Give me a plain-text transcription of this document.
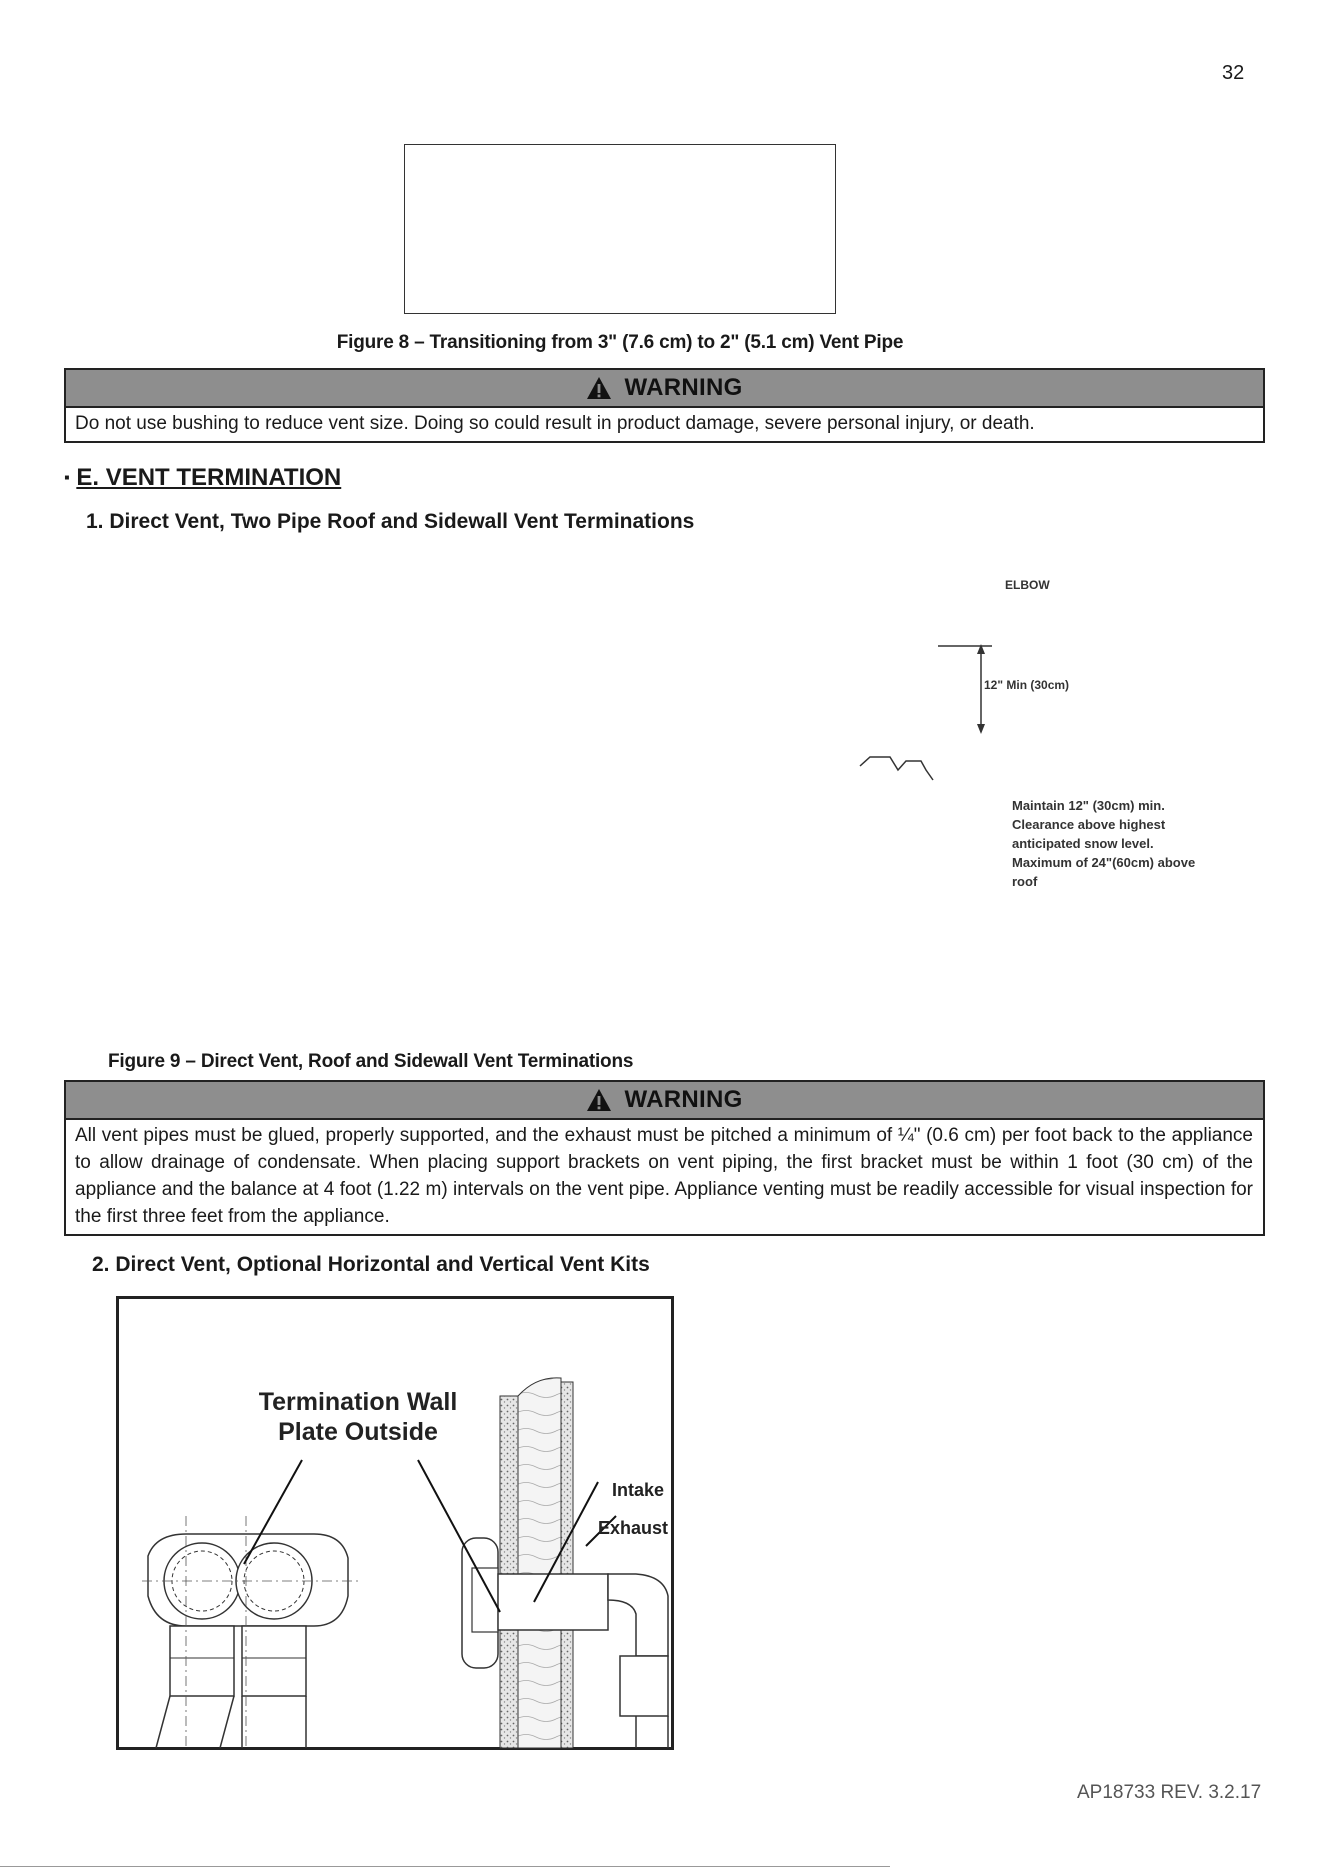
32
Figure 8 – Transitioning from 3" (7.6 cm) to 2" (5.1 cm) Vent Pipe
WARNING
Do not use bushing to reduce vent size. Doing so could result in product damage, severe personal injury, or death.
▪ E. VENT TERMINATION
1. Direct Vent, Two Pipe Roof and Sidewall Vent Terminations
ELBOW
12" Min (30cm)
Maintain 12" (30cm) min.
Clearance above highest
anticipated snow level.
Maximum of 24"(60cm) above
roof
Figure 9 – Direct Vent, Roof and Sidewall Vent Terminations
WARNING
All vent pipes must be glued, properly supported, and the exhaust must be pitched a minimum of ¼" (0.6 cm) per foot back to the appliance to allow drainage of condensate. When placing support brackets on vent piping, the first bracket must be within 1 foot (30 cm) of the appliance and the balance at 4 foot (1.22 m) intervals on the vent pipe. Appliance venting must be readily accessible for visual inspection for the first three feet from the appliance.
2. Direct Vent, Optional Horizontal and Vertical Vent Kits
Termination Wall
Plate Outside
Intake
Exhaust
AP18733 REV. 3.2.17
